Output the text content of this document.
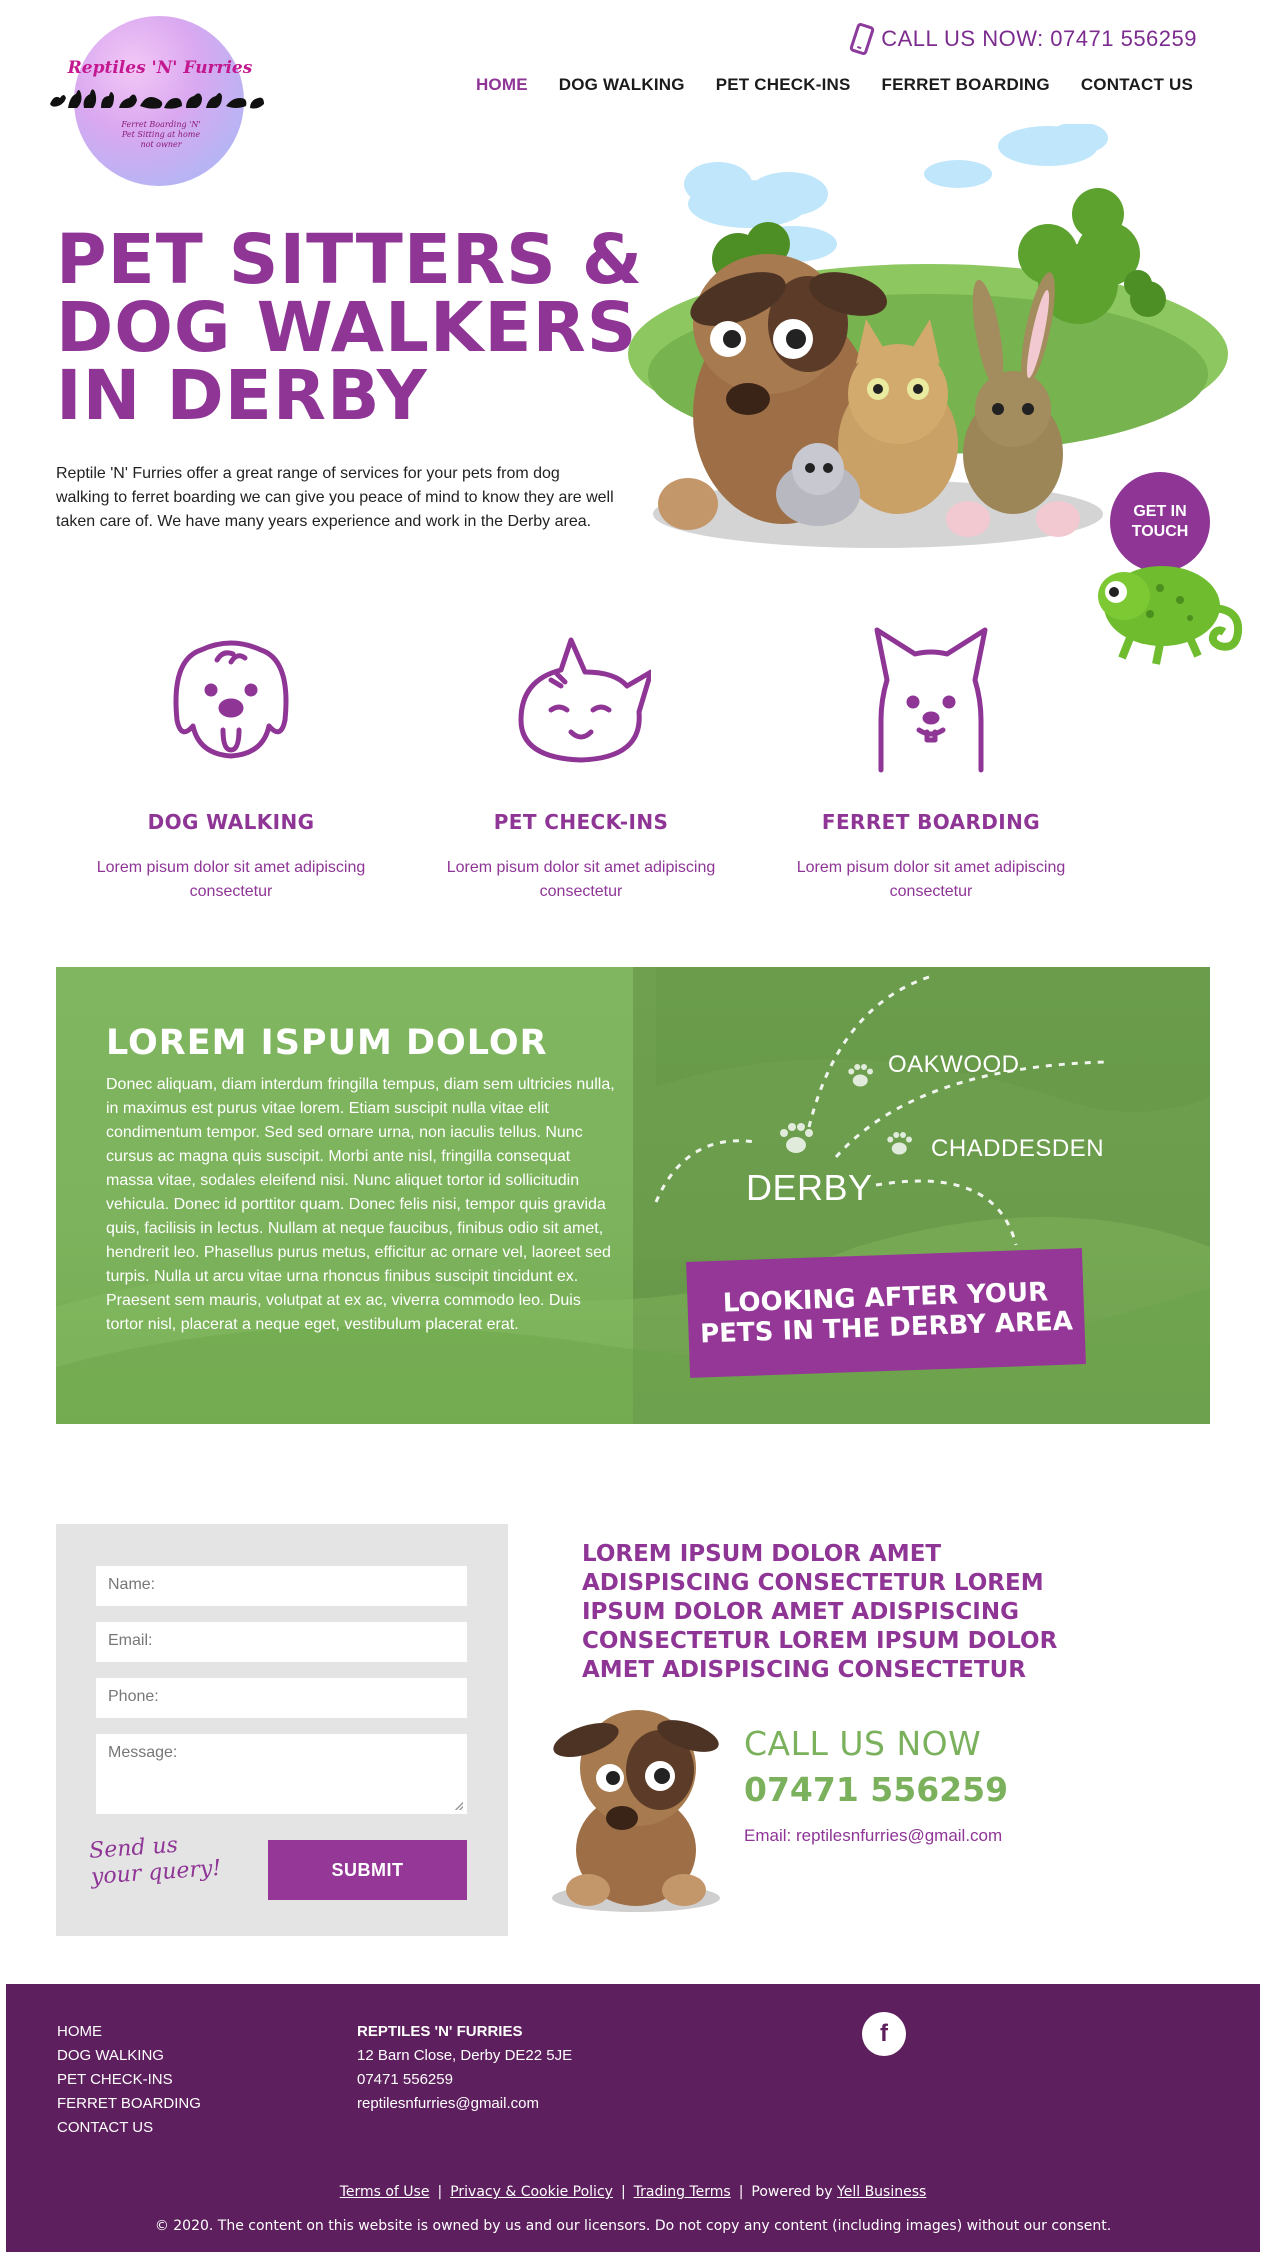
Reptiles 'N' Furries
Ferret Boarding 'N' Pet Sitting at home not owner
CALL US NOW: 07471 556259
HOME DOG WALKING PET CHECK-INS FERRET BOARDING CONTACT US
PET SITTERS &
DOG WALKERS
IN DERBY

Reptile 'N' Furries offer a great range of services for your pets from dog walking to ferret boarding we can give you peace of mind to know they are well taken care of. We have many years experience and work in the Derby area.

GET IN TOUCH
DOG WALKING

Lorem pisum dolor sit amet adipiscing consectetur

PET CHECK-INS

Lorem pisum dolor sit amet adipiscing consectetur

FERRET BOARDING

Lorem pisum dolor sit amet adipiscing consectetur

LOREM ISPUM DOLOR

Donec aliquam, diam interdum fringilla tempus, diam sem ultricies nulla, in maximus est purus vitae lorem. Etiam suscipit nulla vitae elit condimentum tempor. Sed sed ornare urna, non iaculis tellus. Nunc cursus ac magna quis suscipit. Morbi ante nisl, fringilla consequat massa vitae, sodales eleifend nisi. Nunc aliquet tortor id sollicitudin vehicula. Donec id porttitor quam. Donec felis nisi, tempor quis gravida quis, facilisis in lectus. Nullam at neque faucibus, finibus odio sit amet, hendrerit leo. Phasellus purus metus, efficitur ac ornare vel, laoreet sed turpis. Nulla ut arcu vitae urna rhoncus finibus suscipit tincidunt ex. Praesent sem mauris, volutpat at ex ac, viverra commodo leo. Duis tortor nisl, placerat a neque eget, vestibulum placerat erat.

DERBY
OAKWOOD
CHADDESDEN
LOOKING AFTER YOUR PETS IN THE DERBY AREA
Name:
Email:
Phone:
Message:
Send us your query!	SUBMIT
LOREM IPSUM DOLOR AMET
ADISPISCING CONSECTETUR LOREM
IPSUM DOLOR AMET ADISPISCING
CONSECTETUR LOREM IPSUM DOLOR
AMET ADISPISCING CONSECTETUR
CALL US NOW
07471 556259
Email: reptilesnfurries@gmail.com
HOME
DOG WALKING
PET CHECK-INS
FERRET BOARDING
CONTACT US
REPTILES 'N' FURRIES
12 Barn Close, Derby DE22 5JE
07471 556259
reptilesnfurries@gmail.com
f
Terms of Use | Privacy & Cookie Policy | Trading Terms | Powered by Yell Business
© 2020. The content on this website is owned by us and our licensors. Do not copy any content (including images) without our consent.
